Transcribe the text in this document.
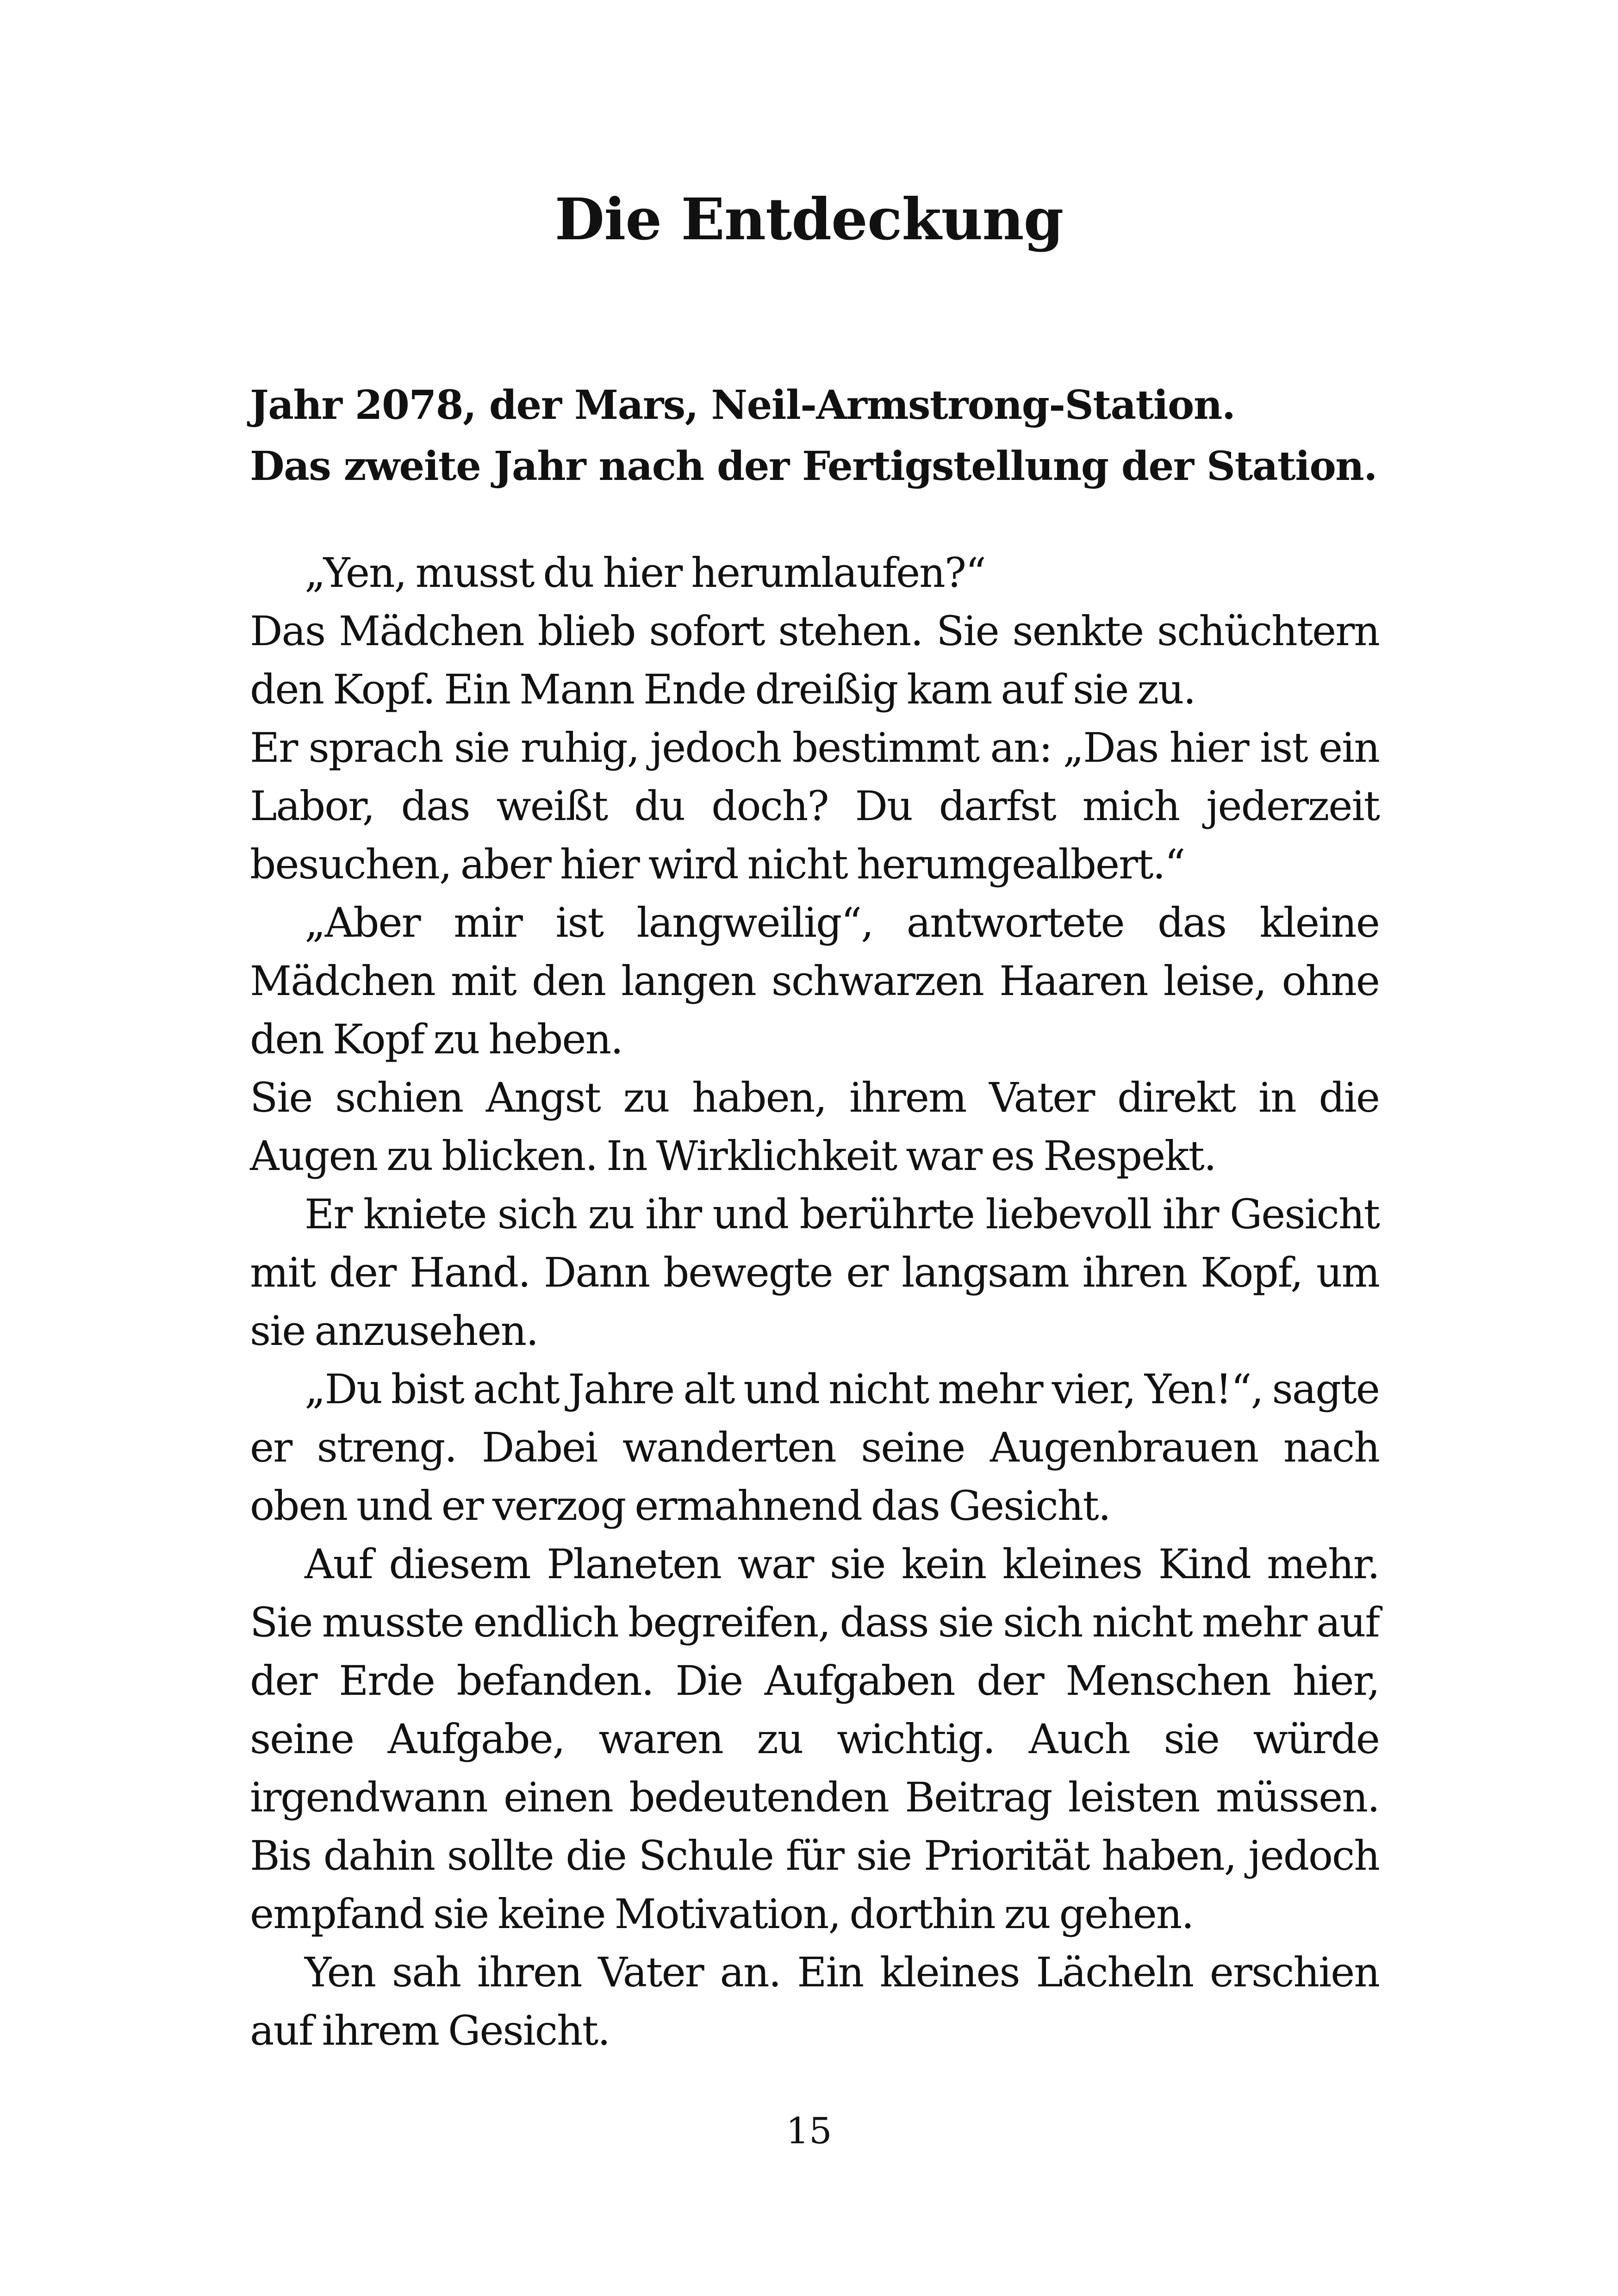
Die Entdeckung
Jahr 2078, der Mars, Neil-Armstrong-Station.
Das zweite Jahr nach der Fertigstellung der Station.

„Yen, musst du hier herumlaufen?“

Das Mädchen blieb sofort stehen. Sie senkte schüchtern den Kopf. Ein Mann Ende dreißig kam auf sie zu.

Er sprach sie ruhig, jedoch bestimmt an: „Das hier ist ein Labor, das weißt du doch? Du darfst mich jederzeit besuchen, aber hier wird nicht herumgealbert.“

„Aber mir ist langweilig“, antwortete das kleine Mädchen mit den langen schwarzen Haaren leise, ohne den Kopf zu heben.

Sie schien Angst zu haben, ihrem Vater direkt in die Augen zu blicken. In Wirklichkeit war es Respekt.

Er kniete sich zu ihr und berührte liebevoll ihr Gesicht mit der Hand. Dann bewegte er langsam ihren Kopf, um sie anzusehen.

„Du bist acht Jahre alt und nicht mehr vier, Yen!“, sagte er streng. Dabei wanderten seine Augenbrauen nach oben und er verzog ermahnend das Gesicht.

Auf diesem Planeten war sie kein kleines Kind mehr. Sie musste endlich begreifen, dass sie sich nicht mehr auf der Erde befanden. Die Aufgaben der Menschen hier, seine Aufgabe, waren zu wichtig. Auch sie würde irgendwann einen bedeutenden Beitrag leisten müssen. Bis dahin sollte die Schule für sie Priorität haben, jedoch empfand sie keine Motivation, dorthin zu gehen.

Yen sah ihren Vater an. Ein kleines Lächeln erschien auf ihrem Gesicht.

15
